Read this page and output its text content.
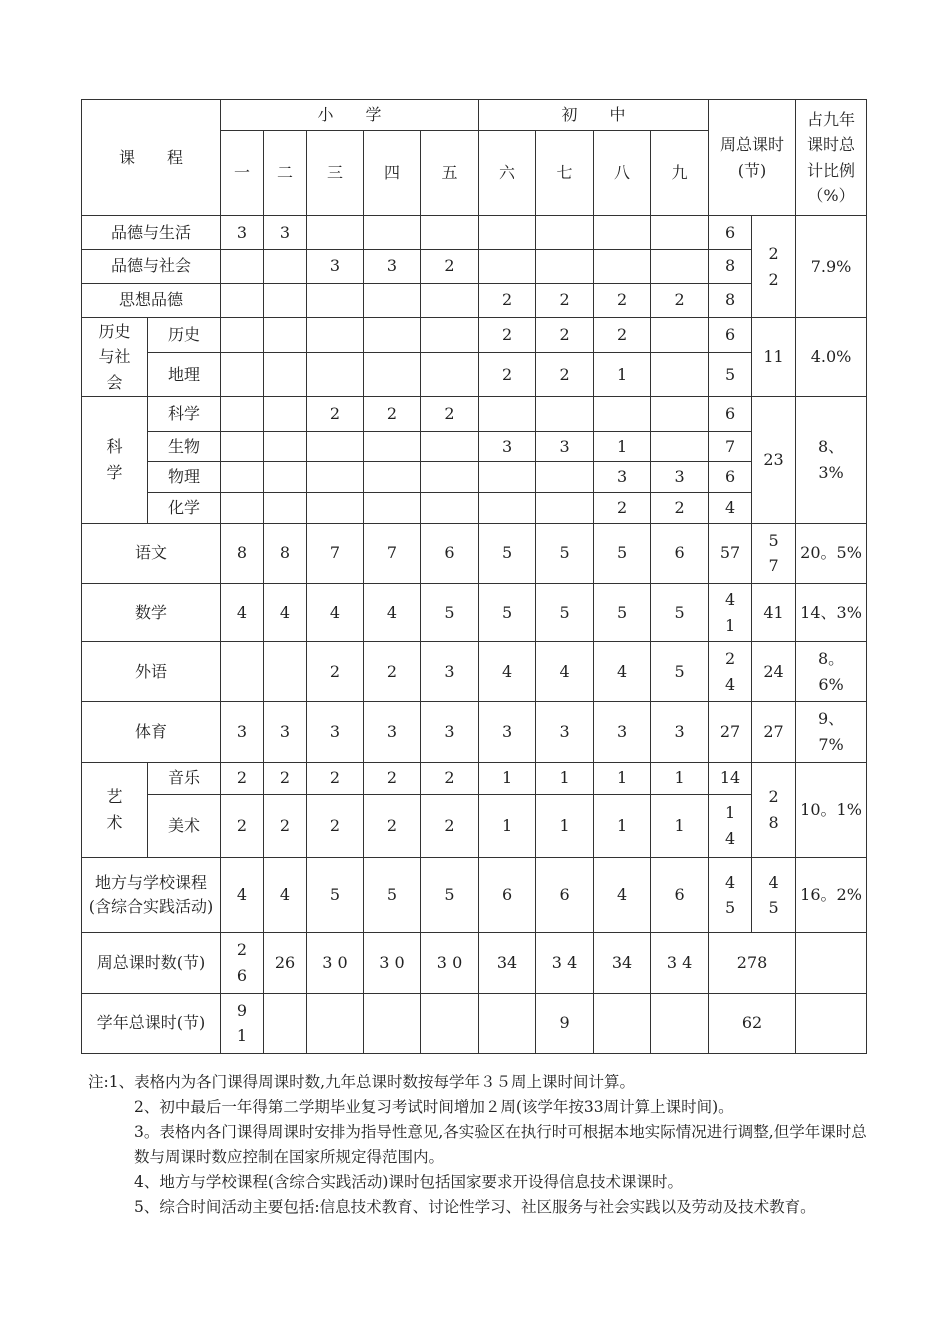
课　　程		小　　学					初　　中				周总课时(节)		占九年课时总计比例（%）
		一	二	三	四	五	六	七	八	九			
品德与生活		3	3								6	22	7.9%
品德与社会				3	3	2					8		
思想品德							2	2	2	2	8		
历史与社会	历史						2	2	2		6	11	4.0%
	地理						2	2	1		5		
科学	科学			2	2	2					6	23	8、3%
	生物						3	3	1		7		
	物理								3	3	6		
	化学								2	2	4		
语文		8	8	7	7	6	5	5	5	6	57	57	20。5%
数学		4	4	4	4	5	5	5	5	5	41	41	14、3%
外语				2	2	3	4	4	4	5	24	24	8。6%
体育		3	3	3	3	3	3	3	3	3	27	27	9、7%
艺术	音乐	2	2	2	2	2	1	1	1	1	14	28	10。1%
	美术	2	2	2	2	2	1	1	1	1	14		
地方与学校课程(含综合实践活动)		4	4	5	5	5	6	6	4	6	45	45	16。2%
周总课时数(节)		26	26	3 0	3 0	3 0	34	3 4	34	3 4	278		
学年总课时(节)		91						9			62		

注:1、表格内为各门课得周课时数,九年总课时数按每学年３５周上课时间计算。

2、初中最后一年得第二学期毕业复习考试时间增加２周(该学年按33周计算上课时间)。

3。表格内各门课得周课时安排为指导性意见,各实验区在执行时可根据本地实际情况进行调整,但学年课时总数与周课时数应控制在国家所规定得范围内。

4、地方与学校课程(含综合实践活动)课时包括国家要求开设得信息技术课课时。

5、综合时间活动主要包括:信息技术教育、讨论性学习、社区服务与社会实践以及劳动及技术教育。
